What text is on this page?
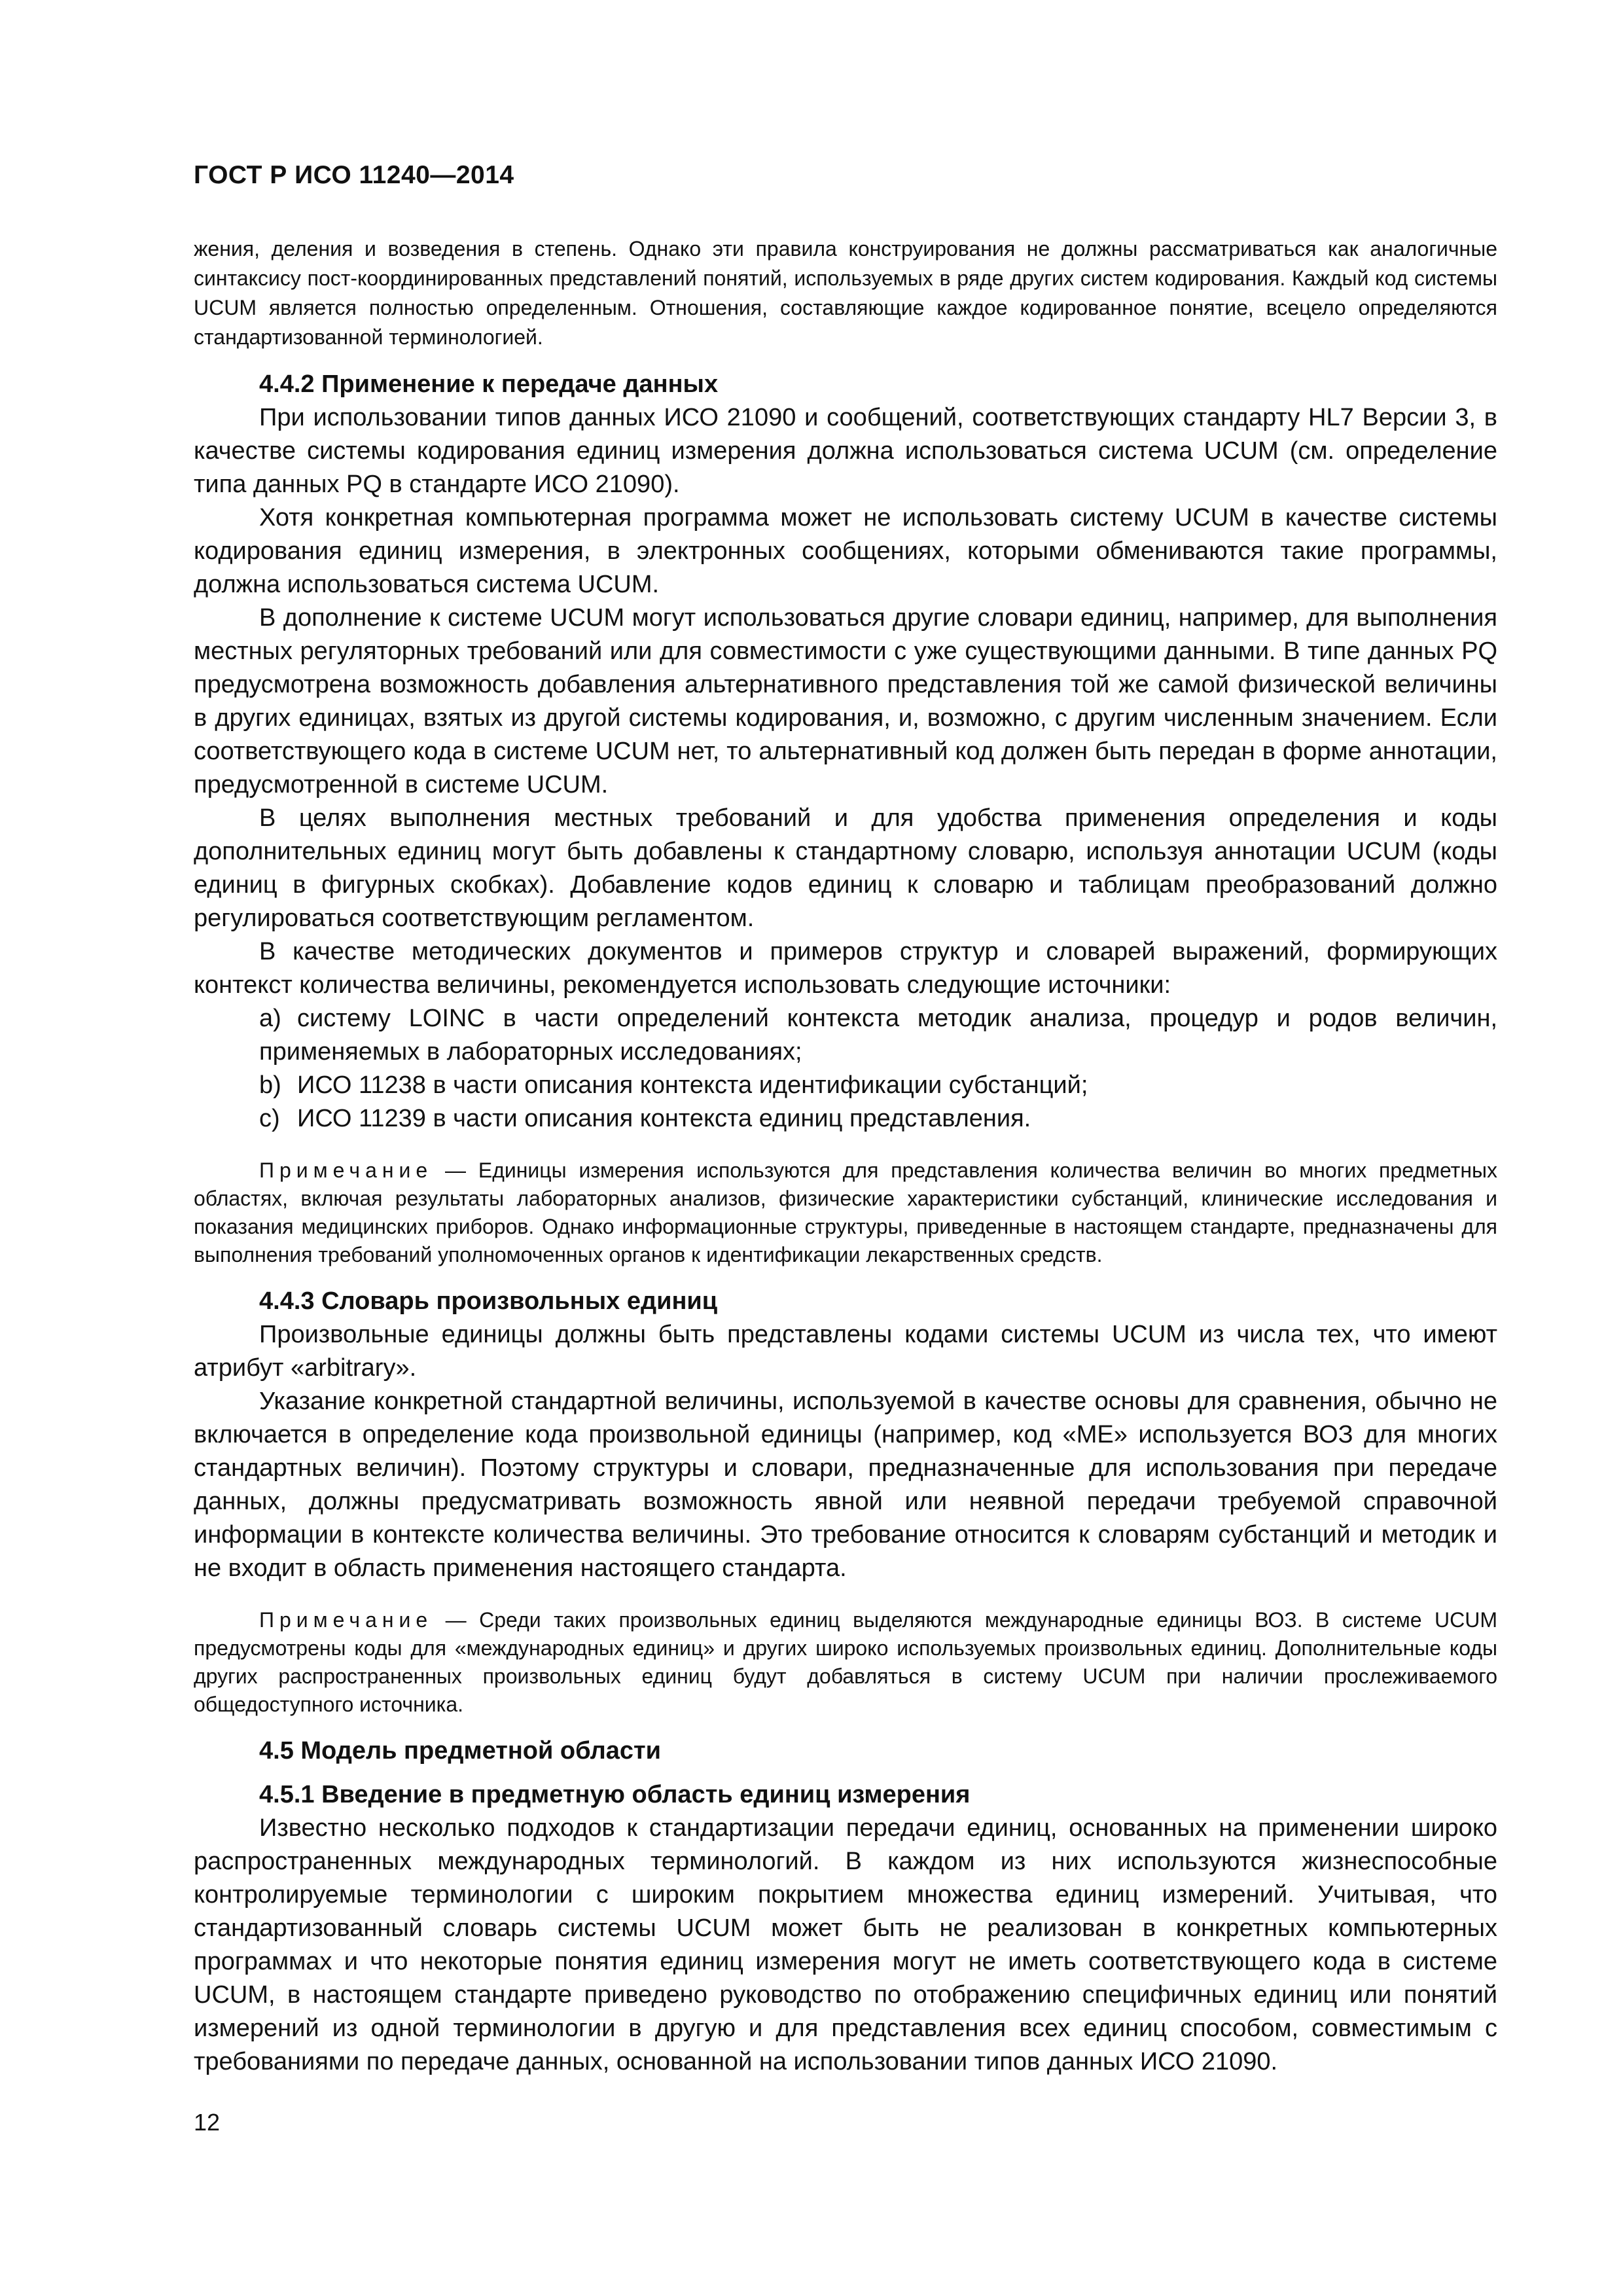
ГОСТ Р ИСО 11240—2014

жения, деления и возведения в степень. Однако эти правила конструирования не должны рассматриваться как аналогичные синтаксису пост-координированных представлений понятий, используемых в ряде других систем кодирования. Каждый код системы UCUM является полностью определенным. Отношения, составляющие каждое кодированное понятие, всецело определяются стандартизованной терминологией.

4.4.2 Применение к передаче данных

При использовании типов данных ИСО 21090 и сообщений, соответствующих стандарту HL7 Версии 3, в качестве системы кодирования единиц измерения должна использоваться система UCUM (см. определение типа данных PQ в стандарте ИСО 21090).

Хотя конкретная компьютерная программа может не использовать систему UCUM в качестве системы кодирования единиц измерения, в электронных сообщениях, которыми обмениваются такие программы, должна использоваться система UCUM.

В дополнение к системе UCUM могут использоваться другие словари единиц, например, для выполнения местных регуляторных требований или для совместимости с уже существующими данными. В типе данных PQ предусмотрена возможность добавления альтернативного представления той же самой физической величины в других единицах, взятых из другой системы кодирования, и, возможно, с другим численным значением. Если соответствующего кода в системе UCUM нет, то альтернативный код должен быть передан в форме аннотации, предусмотренной в системе UCUM.

В целях выполнения местных требований и для удобства применения определения и коды дополнительных единиц могут быть добавлены к стандартному словарю, используя аннотации UCUM (коды единиц в фигурных скобках). Добавление кодов единиц к словарю и таблицам преобразований должно регулироваться соответствующим регламентом.

В качестве методических документов и примеров структур и словарей выражений, формирующих контекст количества величины, рекомендуется использовать следующие источники:

a) систему LOINC в части определений контекста методик анализа, процедур и родов величин, применяемых в лабораторных исследованиях;

b) ИСО 11238 в части описания контекста идентификации субстанций;

c) ИСО 11239 в части описания контекста единиц представления.

Примечание — Единицы измерения используются для представления количества величин во многих предметных областях, включая результаты лабораторных анализов, физические характеристики субстанций, клинические исследования и показания медицинских приборов. Однако информационные структуры, приведенные в настоящем стандарте, предназначены для выполнения требований уполномоченных органов к идентификации лекарственных средств.

4.4.3 Словарь произвольных единиц

Произвольные единицы должны быть представлены кодами системы UCUM из числа тех, что имеют атрибут «arbitrary».

Указание конкретной стандартной величины, используемой в качестве основы для сравнения, обычно не включается в определение кода произвольной единицы (например, код «МЕ» используется ВОЗ для многих стандартных величин). Поэтому структуры и словари, предназначенные для использования при передаче данных, должны предусматривать возможность явной или неявной передачи требуемой справочной информации в контексте количества величины. Это требование относится к словарям субстанций и методик и не входит в область применения настоящего стандарта.

Примечание — Среди таких произвольных единиц выделяются международные единицы ВОЗ. В системе UCUM предусмотрены коды для «международных единиц» и других широко используемых произвольных единиц. Дополнительные коды других распространенных произвольных единиц будут добавляться в систему UCUM при наличии прослеживаемого общедоступного источника.

4.5 Модель предметной области
4.5.1 Введение в предметную область единиц измерения

Известно несколько подходов к стандартизации передачи единиц, основанных на применении широко распространенных международных терминологий. В каждом из них используются жизнеспособные контролируемые терминологии с широким покрытием множества единиц измерений. Учитывая, что стандартизованный словарь системы UCUM может быть не реализован в конкретных компьютерных программах и что некоторые понятия единиц измерения могут не иметь соответствующего кода в системе UCUM, в настоящем стандарте приведено руководство по отображению специфичных единиц или понятий измерений из одной терминологии в другую и для представления всех единиц способом, совместимым с требованиями по передаче данных, основанной на использовании типов данных ИСО 21090.

12
